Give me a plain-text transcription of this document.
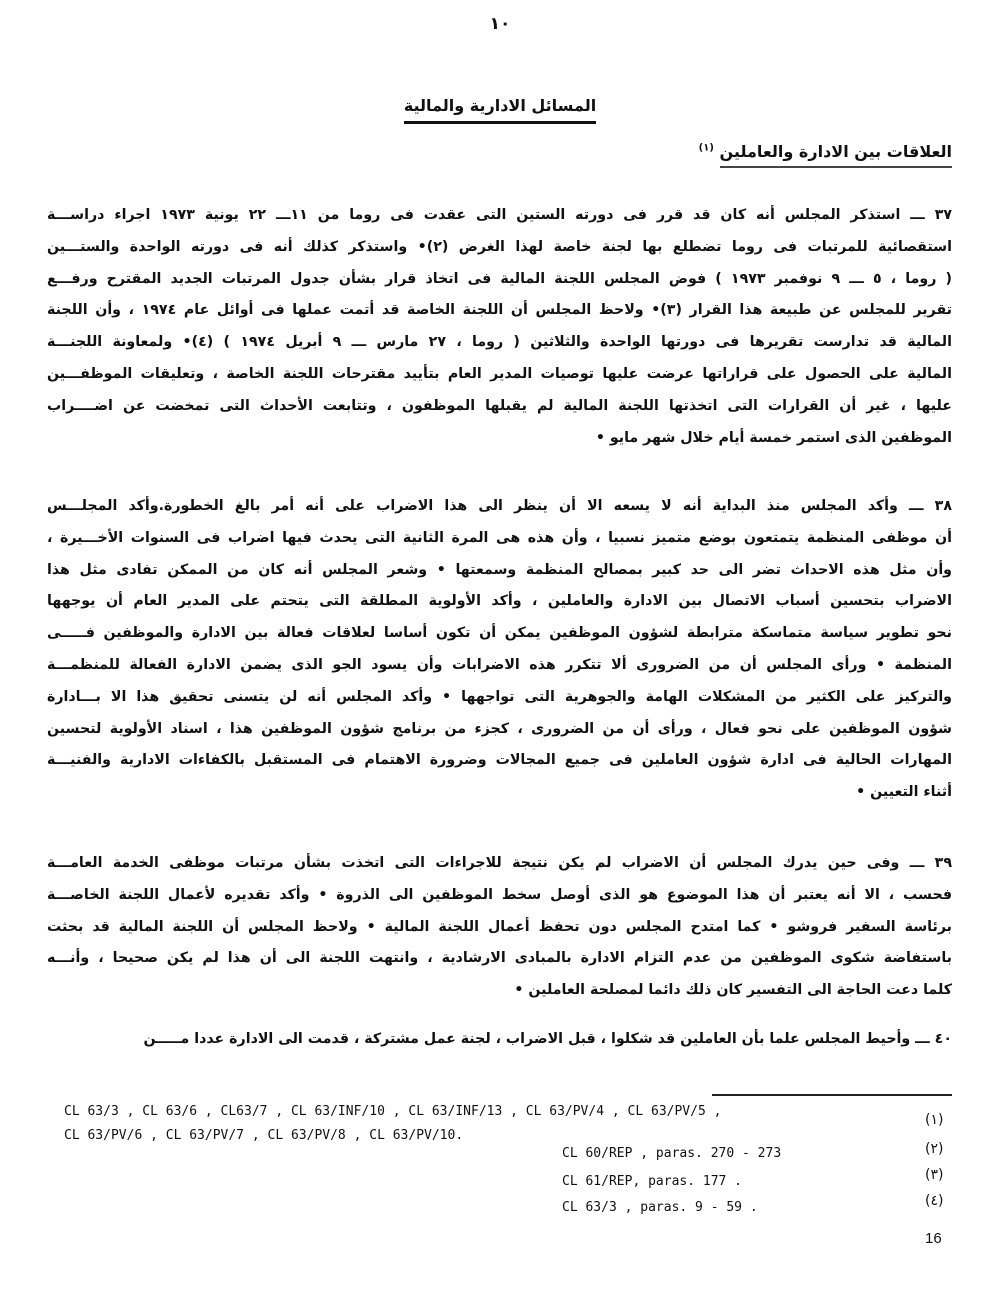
١٠
المسائل الادارية والمالية
العلاقات بين الادارة والعاملين $^{(١)}$
٣٧ ـــ استذكر المجلس أنه كان قد قرر فى دورته الستين التى عقدت فى روما من ١١ـــ ٢٢ يونية ١٩٧٣ اجراء دراســـة
استقصائية للمرتبات فى روما تضطلع بها لجنة خاصة لهذا الغرض (٢)• واستذكر كذلك أنه فى دورته الواحدة والستـــين
( روما ، ٥ ـــ ٩ نوفمبر ١٩٧٣ ) فوض المجلس اللجنة المالية فى اتخاذ قرار بشأن جدول المرتبات الجديد المقترح ورفـــع
تقرير للمجلس عن طبيعة هذا القرار (٣)• ولاحظ المجلس أن اللجنة الخاصة قد أتمت عملها فى أوائل عام ١٩٧٤ ، وأن اللجنة
المالية قد تدارست تقريرها فى دورتها الواحدة والثلاثين ( روما ، ٢٧ مارس ـــ ٩ أبريل ١٩٧٤ ) (٤)• ولمعاونة اللجنـــة
المالية على الحصول على قراراتها عرضت عليها توصيات المدير العام بتأييد مقترحات اللجنة الخاصة ، وتعليقات الموظفـــين
عليها ، غير أن القرارات التى اتخذتها اللجنة المالية لم يقبلها الموظفون ، وتتابعت الأحداث التى تمخضت عن اضــــراب
الموظفين الذى استمر خمسة أيام خلال شهر مايو •
٣٨ ـــ وأكد المجلس منذ البداية أنه لا يسعه الا أن ينظر الى هذا الاضراب على أنه أمر بالغ الخطورة.وأكد المجلـــس
أن موظفى المنظمة يتمتعون بوضع متميز نسبيا ، وأن هذه هى المرة الثانية التى يحدث فيها اضراب فى السنوات الأخـــيرة ،
وأن مثل هذه الاحداث تضر الى حد كبير بمصالح المنظمة وسمعتها • وشعر المجلس أنه كان من الممكن تفادى مثل هذا
الاضراب بتحسين أسباب الاتصال بين الادارة والعاملين ، وأكد الأولوية المطلقة التى يتحتم على المدير العام أن يوجهها
نحو تطوير سياسة متماسكة مترابطة لشؤون الموظفين يمكن أن تكون أساسا لعلاقات فعالة بين الادارة والموظفين فـــــى
المنظمة • ورأى المجلس أن من الضرورى ألا تتكرر هذه الاضرابات وأن يسود الجو الذى يضمن الادارة الفعالة للمنظمـــة
والتركيز على الكثير من المشكلات الهامة والجوهرية التى تواجهها • وأكد المجلس أنه لن يتسنى تحقيق هذا الا بـــادارة
شؤون الموظفين على نحو فعال ، ورأى أن من الضرورى ، كجزء من برنامج شؤون الموظفين هذا ، اسناد الأولوية لتحسين
المهارات الحالية فى ادارة شؤون العاملين فى جميع المجالات وضرورة الاهتمام فى المستقبل بالكفاءات الادارية والفنيـــة
أثناء التعيين •
٣٩ ـــ وفى حين يدرك المجلس أن الاضراب لم يكن نتيجة للاجراءات التى اتخذت بشأن مرتبات موظفى الخدمة العامـــة
فحسب ، الا أنه يعتبر أن هذا الموضوع هو الذى أوصل سخط الموظفين الى الذروة • وأكد تقديره لأعمال اللجنة الخاصـــة
برئاسة السفير فروشو • كما امتدح المجلس دون تحفظ أعمال اللجنة المالية • ولاحظ المجلس أن اللجنة المالية قد بحثت
باستفاضة شكوى الموظفين من عدم التزام الادارة بالمبادى الارشادية ، وانتهت اللجنة الى أن هذا لم يكن صحيحا ، وأنـــه
كلما دعت الحاجة الى التفسير كان ذلك دائما لمصلحة العاملين •
٤٠ ـــ وأحيط المجلس علما بأن العاملين قد شكلوا ، قبل الاضراب ، لجنة عمل مشتركة ، قدمت الى الادارة عددا مـــــن
CL 63/3 , CL 63/6 , CL63/7 , CL 63/INF/10 , CL 63/INF/13 , CL 63/PV/4 , CL 63/PV/5 ,
CL 63/PV/6 , CL 63/PV/7 , CL 63/PV/8 , CL 63/PV/10.
(١)
CL 60/REP , paras. 270 - 273	(٢)
CL 61/REP, paras. 177 .	(٣)
CL 63/3 , paras. 9 - 59 .	(٤)
16
